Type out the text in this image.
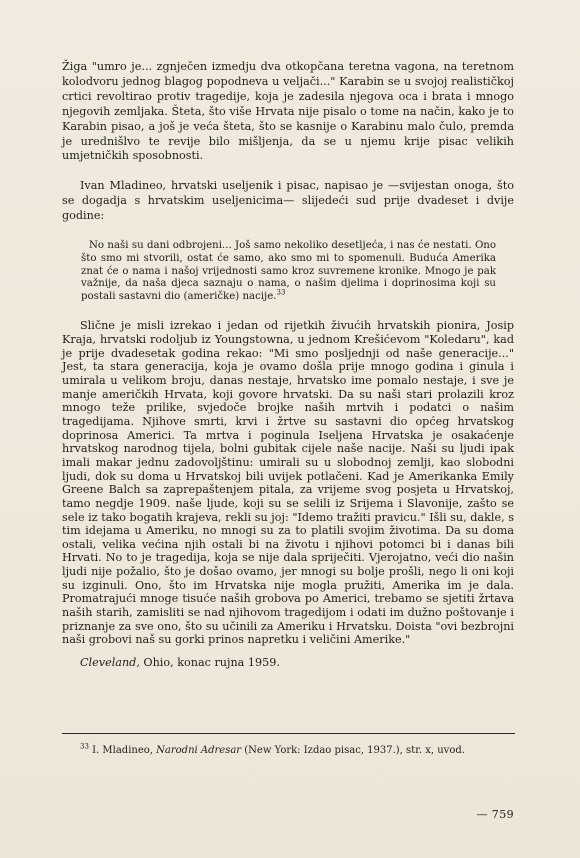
Žiga "umro je... zgnječen izmedju dva otkopčana teretna vagona, na teretnom kolodvoru jednog blagog popodneva u veljači..." Karabin se u svojoj realističkoj crtici revoltirao protiv tragedije, koja je zadesila njegova oca i brata i mnogo njegovih zemljaka. Šteta, što više Hrvata nije pisalo o tome na način, kako je to Karabin pisao, a još je veća šteta, što se kasnije o Karabinu malo čulo, premda je urednišlvo te revije bilo mišljenja, da se u njemu krije pisac velikih umjetničkih sposobnosti.

Ivan Mladineo, hrvatski useljenik i pisac, napisao je —svijestan onoga, što se dogadja s hrvatskim useljenicima— slijedeći sud prije dvadeset i dvije godine:

No naši su dani odbrojeni... Još samo nekoliko desetljeća, i nas će nestati. Ono što smo mi stvorili, ostat će samo, ako smo mi to spomenuli. Buduća Amerika znat će o nama i našoj vrijednosti samo kroz suvremene kronike. Mnogo je pak važnije, da naša djeca saznaju o nama, o našim djelima i doprinosima koji su postali sastavni dio (američke) nacije.$^{33}$

Slične je misli izrekao i jedan od rijetkih živućih hrvatskih pionira, Josip Kraja, hrvatski rodoljub iz Youngstowna, u jednom Krešićevom "Koledaru", kad je prije dvadesetak godina rekao: "Mi smo posljednji od naše generacije..." Jest, ta stara generacija, koja je ovamo došla prije mnogo godina i ginula i umirala u velikom broju, danas nestaje, hrvatsko ime pomalo nestaje, i sve je manje američkih Hrvata, koji govore hrvatski. Da su naši stari prolazili kroz mnogo teže prilike, svjedoče brojke naših mrtvih i podatci o našim tragedijama. Njihove smrti, krvi i žrtve su sastavni dio općeg hrvatskog doprinosa Americi. Ta mrtva i poginula Iseljena Hrvatska je osakaćenje hrvatskog narodnog tijela, bolni gubitak cijele naše nacije. Naši su ljudi ipak imali makar jednu zadovoljštinu: umirali su u slobodnoj zemlji, kao slobodni ljudi, dok su doma u Hrvatskoj bili uvijek potlačeni. Kad je Amerikanka Emily Greene Balch sa zaprepaštenjem pitala, za vrijeme svog posjeta u Hrvatskoj, tamo negdje 1909. naše ljude, koji su se selili iz Srijema i Slavonije, zašto se sele iz tako bogatih krajeva, rekli su joj: "Idemo tražiti pravicu." Išli su, dakle, s tim idejama u Ameriku, no mnogi su za to platili svojim životima. Da su doma ostali, velika većina njih ostali bi na životu i njihovi potomci bi i danas bili Hrvati. No to je tragedija, koja se nije dala spriječiti. Vjerojatno, veći dio našin ljudi nije požalio, što je došao ovamo, jer mnogi su bolje prošli, nego li oni koji su izginuli. Ono, što im Hrvatska nije mogla pružiti, Amerika im je dala. Promatrajući mnoge tisuće naših grobova po Americi, trebamo se sjetiti žrtava naših starih, zamisliti se nad njihovom tragedijom i odati im dužno poštovanje i priznanje za sve ono, što su učinili za Ameriku i Hrvatsku. Doista "ovi bezbrojni naši grobovi naš su gorki prinos napretku i veličini Amerike."

Cleveland, Ohio, konac rujna 1959.

$^{33}$ I. Mladineo, Narodni Adresar (New York: Izdao pisac, 1937.), str. x, uvod.

— 759
